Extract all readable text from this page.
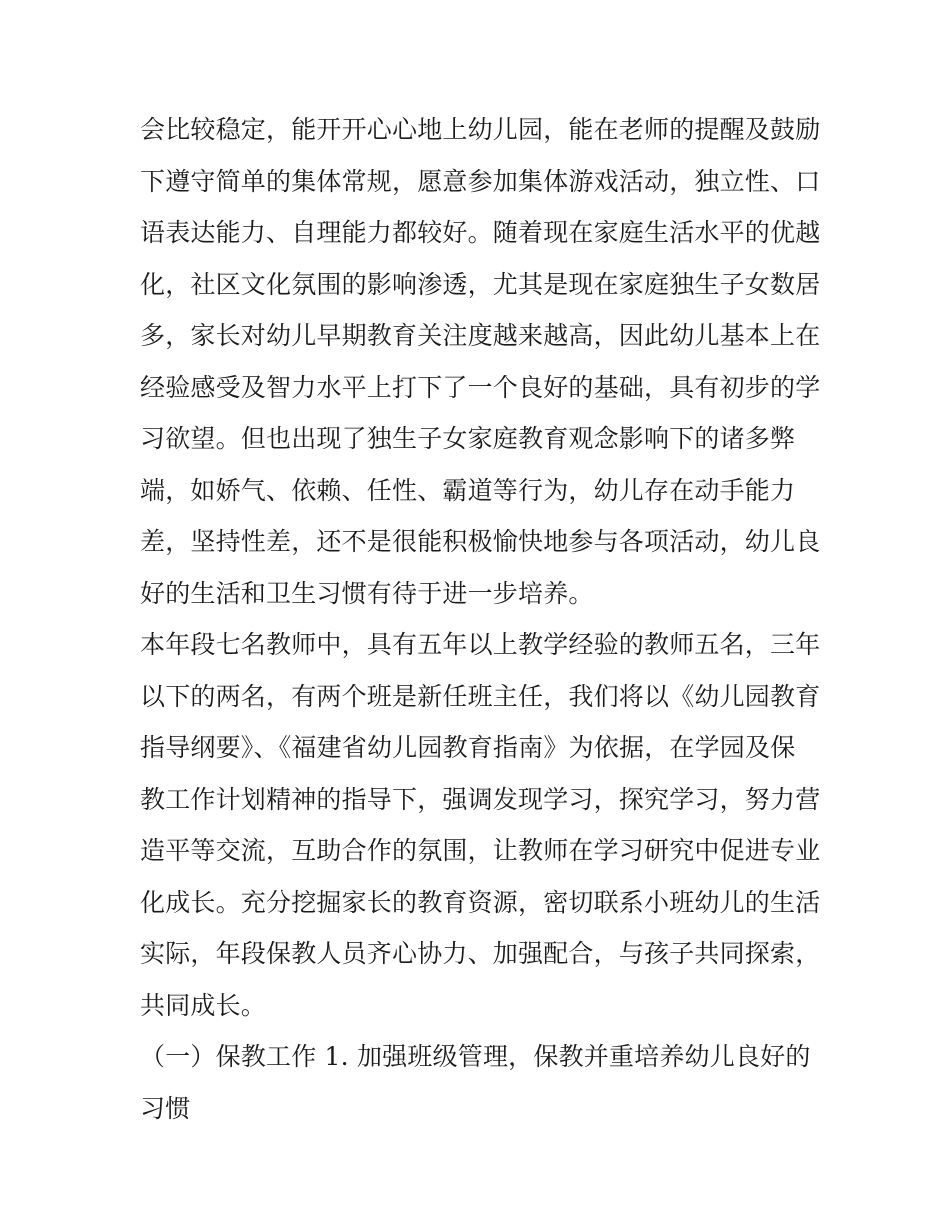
会比较稳定，能开开心心地上幼儿园，能在老师的提醒及鼓励
下遵守简单的集体常规，愿意参加集体游戏活动，独立性、口
语表达能力、自理能力都较好。随着现在家庭生活水平的优越
化，社区文化氛围的影响渗透，尤其是现在家庭独生子女数居
多，家长对幼儿早期教育关注度越来越高，因此幼儿基本上在
经验感受及智力水平上打下了一个良好的基础，具有初步的学
习欲望。但也出现了独生子女家庭教育观念影响下的诸多弊
端，如娇气、依赖、任性、霸道等行为，幼儿存在动手能力
差，坚持性差，还不是很能积极愉快地参与各项活动，幼儿良
好的生活和卫生习惯有待于进一步培养。

本年段七名教师中，具有五年以上教学经验的教师五名，三年
以下的两名，有两个班是新任班主任，我们将以《幼儿园教育
指导纲要》、《福建省幼儿园教育指南》为依据，在学园及保
教工作计划精神的指导下，强调发现学习，探究学习，努力营
造平等交流，互助合作的氛围，让教师在学习研究中促进专业
化成长。充分挖掘家长的教育资源，密切联系小班幼儿的生活
实际，年段保教人员齐心协力、加强配合，与孩子共同探索，
共同成长。

（一）保教工作 1. 加强班级管理，保教并重培养幼儿良好的
习惯
